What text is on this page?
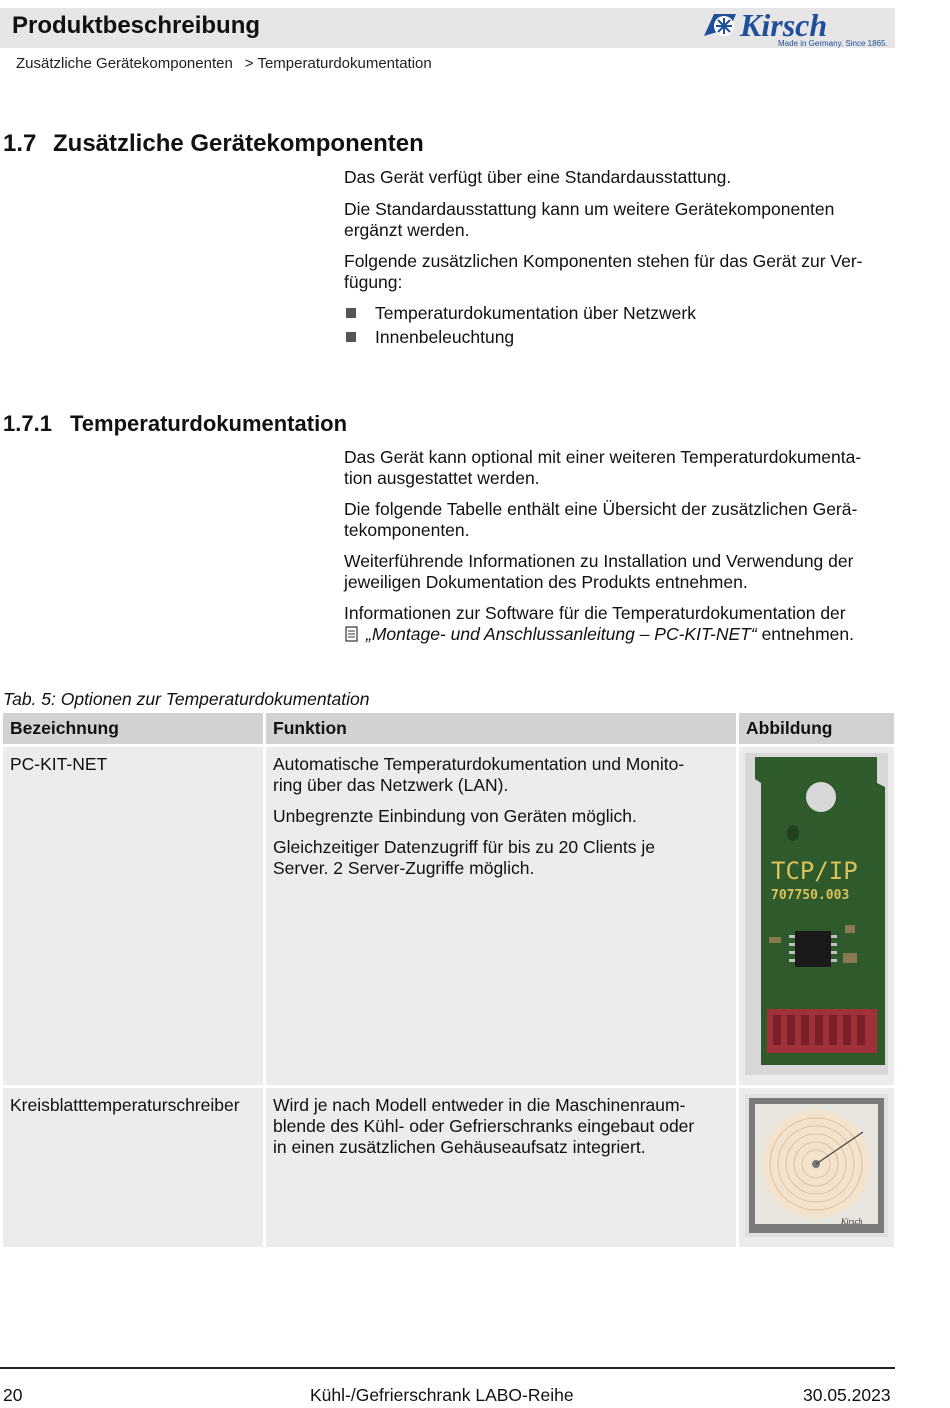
Produktbeschreibung	Kirsch
Made in Germany. Since 1865.
Zusätzliche Gerätekomponenten > Temperaturdokumentation
1.7 Zusätzliche Gerätekomponenten
Das Gerät verfügt über eine Standardausstattung.
Die Standardausstattung kann um weitere Gerätekomponenten
ergänzt werden.
Folgende zusätzlichen Komponenten stehen für das Gerät zur Ver-
fügung:
Temperaturdokumentation über Netzwerk
Innenbeleuchtung
1.7.1 Temperaturdokumentation
Das Gerät kann optional mit einer weiteren Temperaturdokumenta-
tion ausgestattet werden.
Die folgende Tabelle enthält eine Übersicht der zusätzlichen Gerä-
tekomponenten.
Weiterführende Informationen zu Installation und Verwendung der
jeweiligen Dokumentation des Produkts entnehmen.
Informationen zur Software für die Temperaturdokumentation der
„Montage- und Anschlussanleitung – PC-KIT-NET“ entnehmen.
Tab. 5: Optionen zur Temperaturdokumentation
Bezeichnung	Funktion	Abbildung
PC-KIT-NET	Automatische Temperaturdokumentation und Monito-
ring über das Netzwerk (LAN).

Unbegrenzte Einbindung von Geräten möglich.

Gleichzeitiger Datenzugriff für bis zu 20 Clients je
Server. 2 Server-Zugriffe möglich.	TCP/IP
707750.003
Kreisblatttemperaturschreiber	Wird je nach Modell entweder in die Maschinenraum-
blende des Kühl- oder Gefrierschranks eingebaut oder
in einen zusätzlichen Gehäuseaufsatz integriert.

Kirsch
20	Kühl-/Gefrierschrank LABO-Reihe	30.05.2023
